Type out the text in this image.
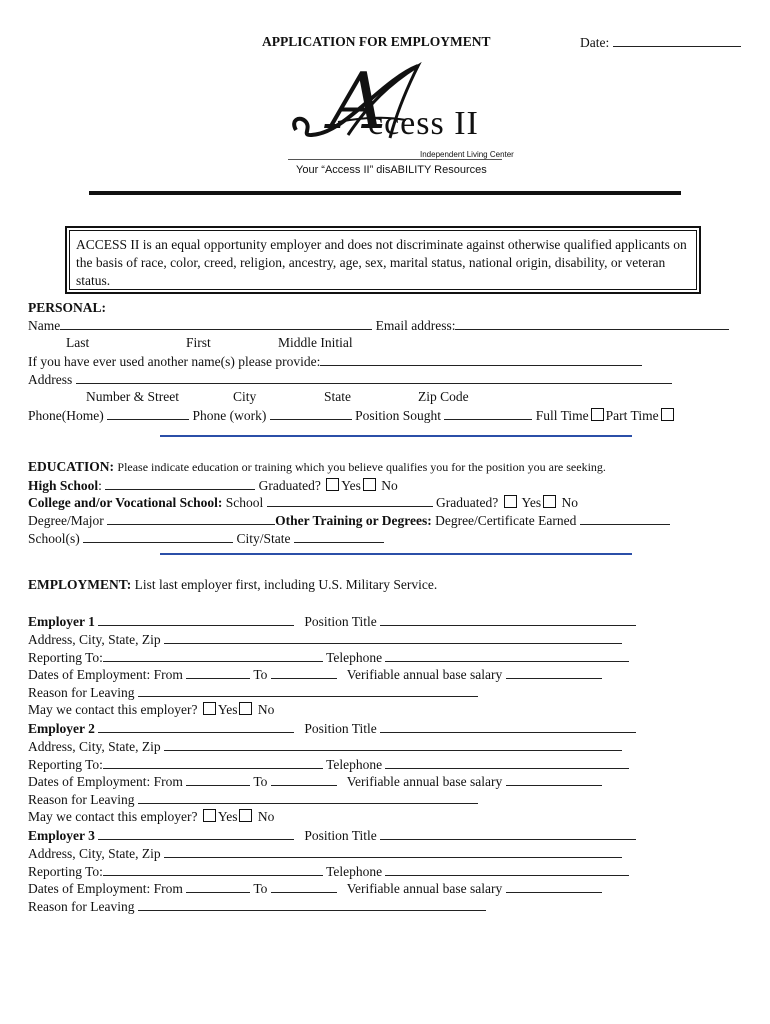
APPLICATION FOR EMPLOYMENT	Date:
ccess II
Independent Living Center
Your “Access II” disABILITY Resources
ACCESS II is an equal opportunity employer and does not discriminate against otherwise qualified applicants on the basis of race, color, creed, religion, ancestry, age, sex, marital status, national origin, disability, or veteran status.
PERSONAL:
Name	Email address:
Last	First	Middle Initial
If you have ever used another name(s) please provide:
Address
Number & Street	City	State	Zip Code
Phone(Home)	Phone (work)	Position Sought	Full Time Part Time
EDUCATION: Please indicate education or training which you believe qualifies you for the position you are seeking.
High School:	Graduated? Yes No
College and/or Vocational School: School	Graduated? Yes No
Degree/Major	Other Training or Degrees: Degree/Certificate Earned
School(s)	City/State
EMPLOYMENT: List last employer first, including U.S. Military Service.
Employer 1	Position Title
Address, City, State, Zip
Reporting To:	Telephone
Dates of Employment: From	To	Verifiable annual base salary
Reason for Leaving
May we contact this employer? Yes No
Employer 2	Position Title
Address, City, State, Zip
Reporting To:	Telephone
Dates of Employment: From	To	Verifiable annual base salary
Reason for Leaving
May we contact this employer? Yes No
Employer 3	Position Title
Address, City, State, Zip
Reporting To:	Telephone
Dates of Employment: From	To	Verifiable annual base salary
Reason for Leaving
A
